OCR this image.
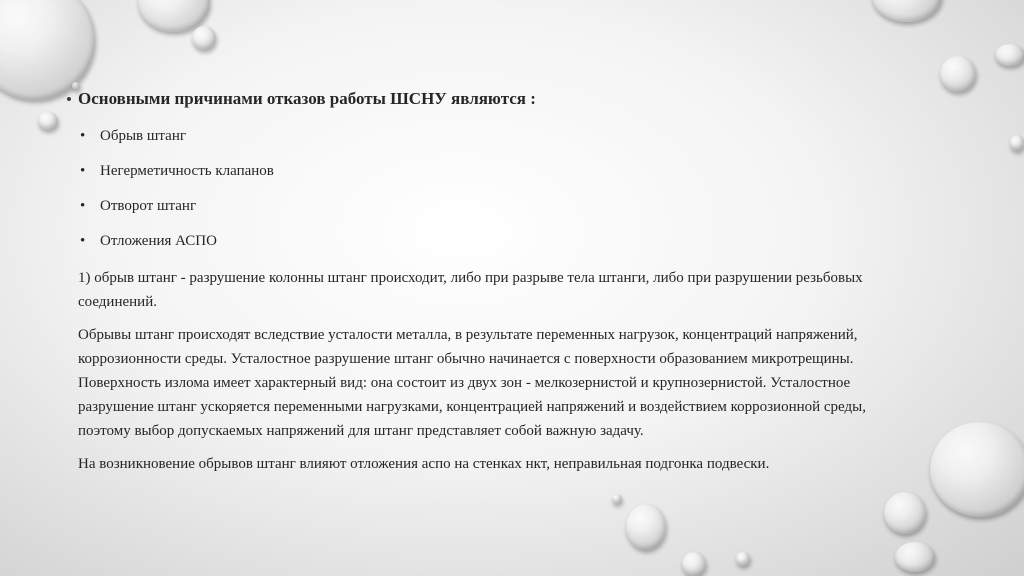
Основными причинами отказов работы ШСНУ являются :
• Обрыв штанг
• Негерметичность клапанов
• Отворот штанг
• Отложения АСПО

1) обрыв штанг - разрушение колонны штанг происходит, либо при разрыве тела штанги, либо при разрушении резьбовых соединений.

Обрывы штанг происходят вследствие усталости металла, в результате переменных нагрузок, концентраций напряжений, коррозионности среды. Усталостное разрушение штанг обычно начинается с поверхности образованием микротрещины. Поверхность излома имеет характерный вид: она состоит из двух зон - мелкозернистой и крупнозернистой. Усталостное разрушение штанг ускоряется переменными нагрузками, концентрацией напряжений и воздействием коррозионной среды, поэтому выбор допускаемых напряжений для штанг представляет собой важную задачу.

На возникновение обрывов штанг влияют отложения аспо на стенках нкт, неправильная подгонка подвески.
